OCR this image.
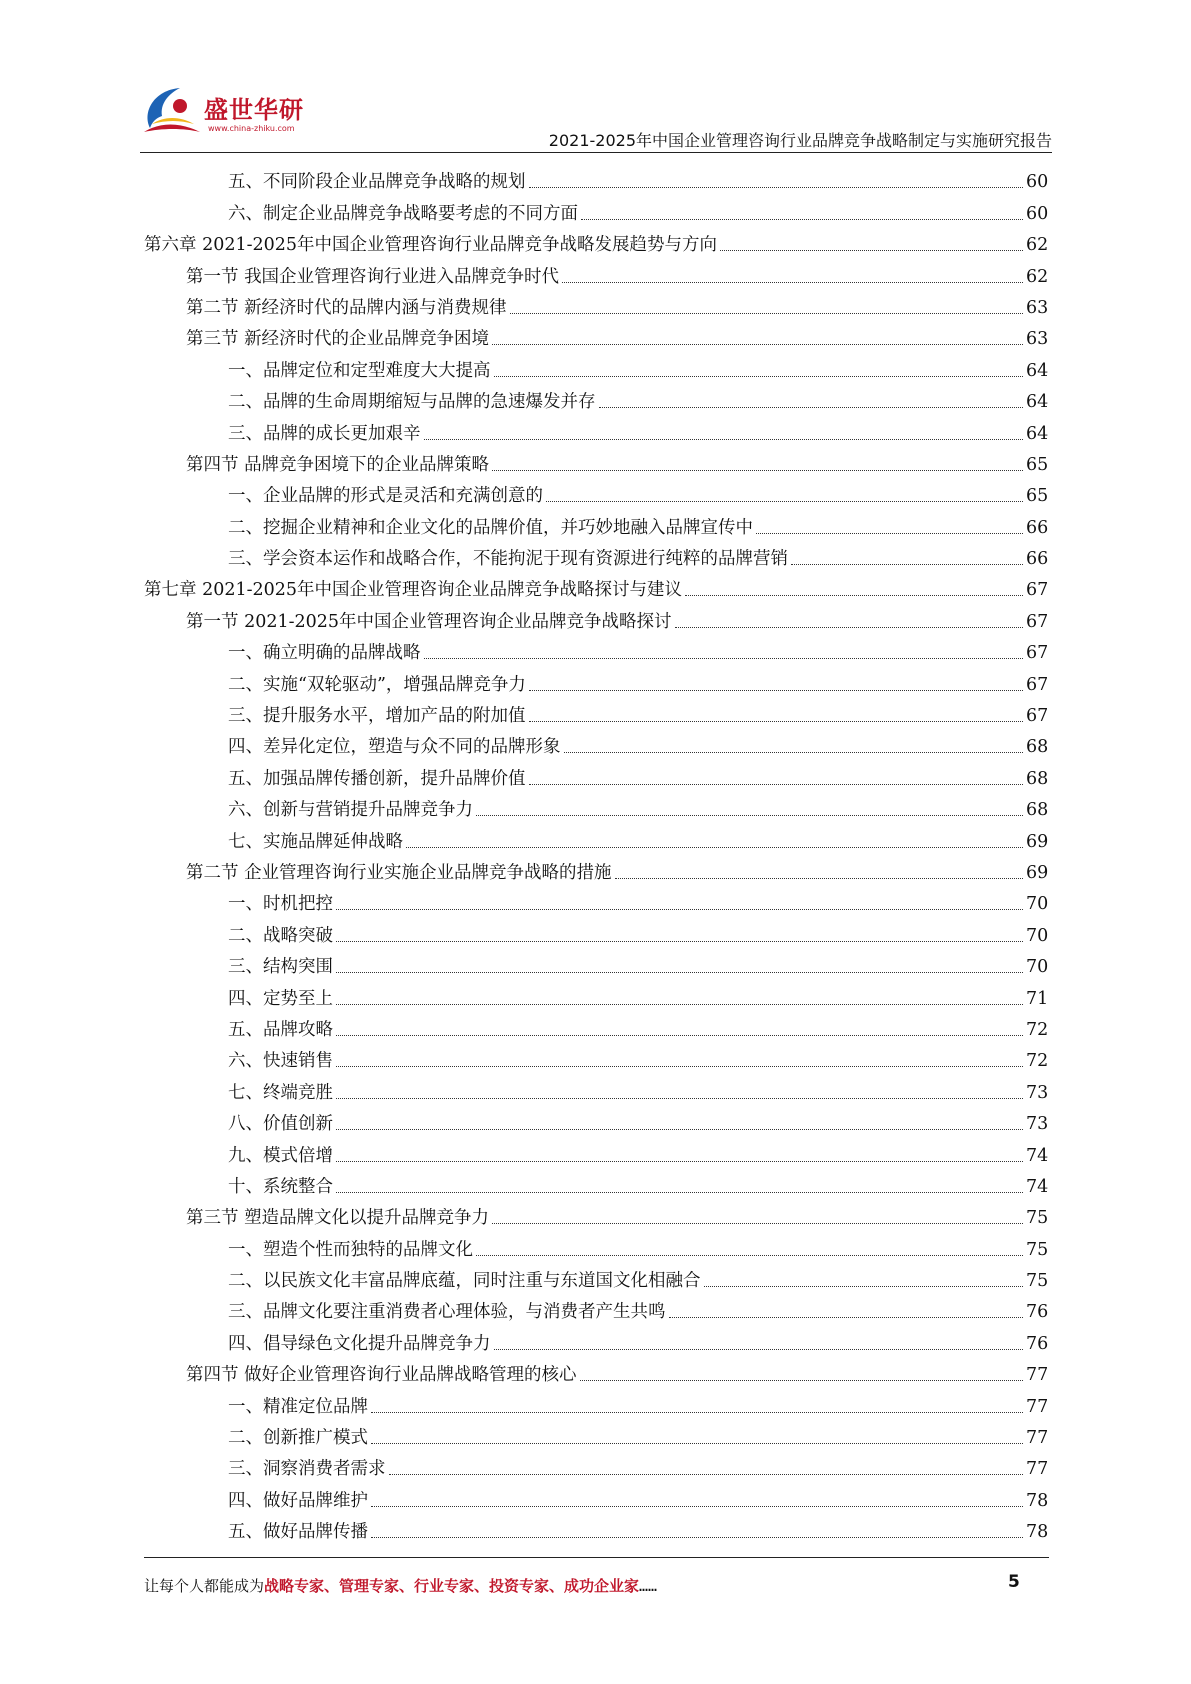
盛世华研
www.china-zhiku.com
2021-2025年中国企业管理咨询行业品牌竞争战略制定与实施研究报告
五、不同阶段企业品牌竞争战略的规划	60
六、制定企业品牌竞争战略要考虑的不同方面	60
第六章 2021-2025年中国企业管理咨询行业品牌竞争战略发展趋势与方向	62
第一节 我国企业管理咨询行业进入品牌竞争时代	62
第二节 新经济时代的品牌内涵与消费规律	63
第三节 新经济时代的企业品牌竞争困境	63
一、品牌定位和定型难度大大提高	64
二、品牌的生命周期缩短与品牌的急速爆发并存	64
三、品牌的成长更加艰辛	64
第四节 品牌竞争困境下的企业品牌策略	65
一、企业品牌的形式是灵活和充满创意的	65
二、挖掘企业精神和企业文化的品牌价值，并巧妙地融入品牌宣传中	66
三、学会资本运作和战略合作，不能拘泥于现有资源进行纯粹的品牌营销	66
第七章 2021-2025年中国企业管理咨询企业品牌竞争战略探讨与建议	67
第一节 2021-2025年中国企业管理咨询企业品牌竞争战略探讨	67
一、确立明确的品牌战略	67
二、实施“双轮驱动”，增强品牌竞争力	67
三、提升服务水平，增加产品的附加值	67
四、差异化定位，塑造与众不同的品牌形象	68
五、加强品牌传播创新，提升品牌价值	68
六、创新与营销提升品牌竞争力	68
七、实施品牌延伸战略	69
第二节 企业管理咨询行业实施企业品牌竞争战略的措施	69
一、时机把控	70
二、战略突破	70
三、结构突围	70
四、定势至上	71
五、品牌攻略	72
六、快速销售	72
七、终端竞胜	73
八、价值创新	73
九、模式倍增	74
十、系统整合	74
第三节 塑造品牌文化以提升品牌竞争力	75
一、塑造个性而独特的品牌文化	75
二、以民族文化丰富品牌底蕴，同时注重与东道国文化相融合	75
三、品牌文化要注重消费者心理体验，与消费者产生共鸣	76
四、倡导绿色文化提升品牌竞争力	76
第四节 做好企业管理咨询行业品牌战略管理的核心	77
一、精准定位品牌	77
二、创新推广模式	77
三、洞察消费者需求	77
四、做好品牌维护	78
五、做好品牌传播	78
让每个人都能成为战略专家、管理专家、行业专家、投资专家、成功企业家……	5
